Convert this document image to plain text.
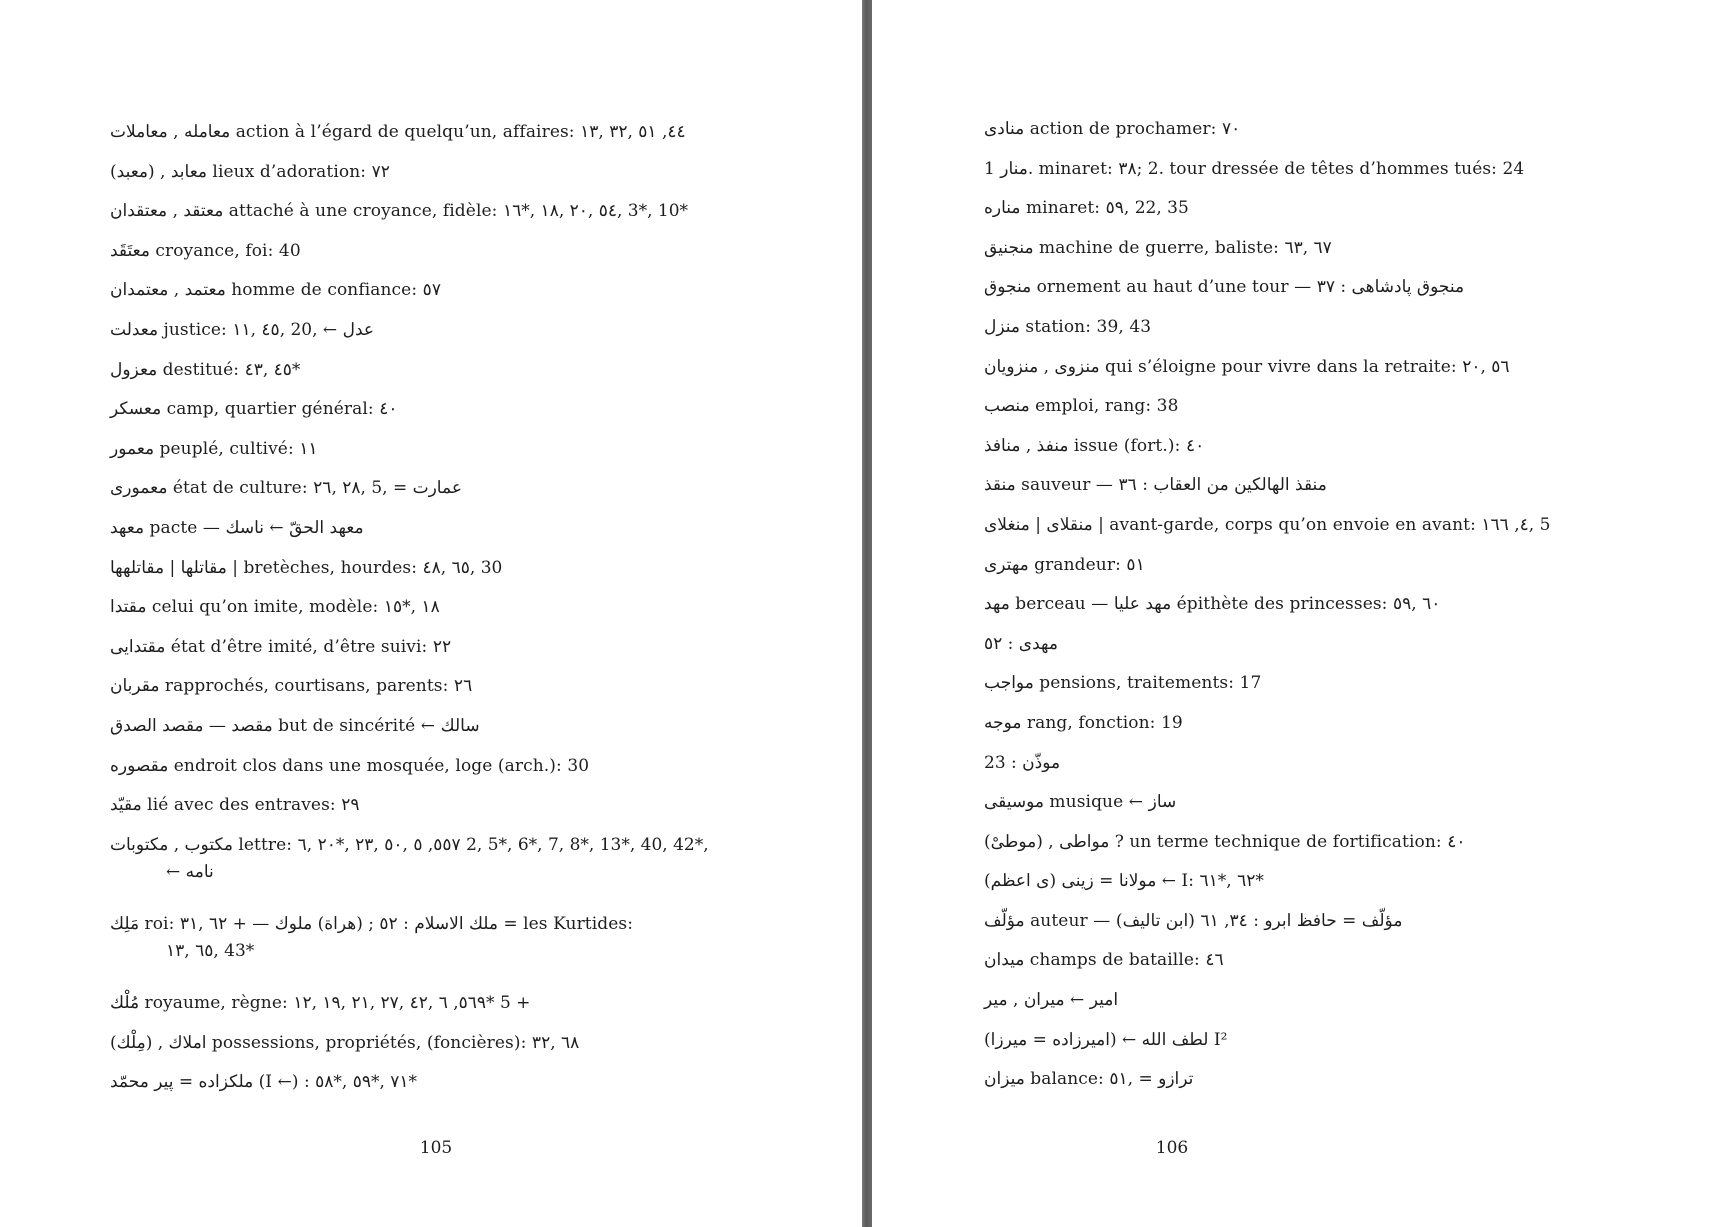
معامله , معاملات action à l’égard de quelqu’un, affaires: ۱۳, ۳۲, ٤٤, ٥١
(معبد) , معابد lieux d’adoration: ۷۲
معتقد , معتقدان attaché à une croyance, fidèle: ۱٦*, ۱۸, ۲۰, ٥٤, 3*, 10*
معتَقَد croyance, foi: 40
معتمد , معتمدان homme de confiance: ٥۷
معدلت justice: ۱۱, ٤٥, 20, ← عدل
معزول destitué: ٤۳, ٤٥*
معسکر camp, quartier général: ٤۰
معمور peuplé, cultivé: ۱۱
معموری état de culture: ۲٦, ۲۸, 5, = عمارت
معهد pacte — معهد الحقّ ← ناسك
مقاتلها | مقاتلهها | bretèches, hourdes: ٤۸, ٦٥, 30
مقتدا celui qu’on imite, modèle: ۱٥*, ۱۸
مقتدایی état d’être imité, d’être suivi: ۲۲
مقربان rapprochés, courtisans, parents: ۲٦
مقصد — مقصد الصدق but de sincérité ← سالك
مقصوره endroit clos dans une mosquée, loge (arch.): 30
مقيّد lié avec des entraves: ۲۹
مکتوب , مکتوبات lettre: ٦, ۲۰*, ۲۳, ٥۰, ٥٥, ٥۷ 2, 5*, 6*, 7, 8*, 13*, 40, 42*,
← نامه
مَلِك roi: ۳۱, ٦۲ + — ملك الاسلام : ٥۲ ; (هراة) ملوك = les Kurtides:
۱۳, ٦٥, 43*
مُلْك royaume, règne: ۱۲, ۱۹, ۲۱, ۲۷, ٤۲, ٥٦, ٦۹* 5 +
(مِلْك) , املاك possessions, propriétés, (foncières): ۳۲, ٦۸
ملكزاده = پیر محمّد (I ←) : ٥۸*, ٥۹*, ۷۱*
105
منادی action de prochamer: ۷۰
منار 1. minaret: ۳۸; 2. tour dressée de têtes d’hommes tués: 24
مناره minaret: ٥۹, 22, 35
منجنیق machine de guerre, baliste: ٦۳, ٦۷
منجوق ornement au haut d’une tour — منجوق پادشاهی : ۳۷
منزل station: 39, 43
منزوی , منزویان qui s’éloigne pour vivre dans la retraite: ۲۰, ٥٦
منصب emploi, rang: 38
منفذ , منافذ issue (fort.): ٤۰
منقذ sauveur — منقذ الهالکین من العقاب : ۳٦
منقلای | منغلای | avant-garde, corps qu’on envoie en avant: ۱٤, ٦٦, 5
مهتری grandeur: ٥۱
مهد berceau — مهد علیا épithète des princesses: ٥۹, ٦۰
مهدی : ٥۲
مواجب pensions, traitements: 17
موجه rang, fonction: 19
موذّن : 23
موسیقی musique ← ساز
(موطیْ) , مواطی ? un terme technique de fortification: ٤۰
(ی اعظم) مولانا = زینی ← I: ٦۱*, ٦۲*
مؤلّف auteur — (ابن تالیف) مؤلّف = حافظ ابرو : ۳٤, ٦۱
میدان champs de bataille: ٤٦
امیر ← میران , میر
لطف الله ← (امیرزاده = میرزا) I²
میزان balance: ٥۱, = ترازو
106
